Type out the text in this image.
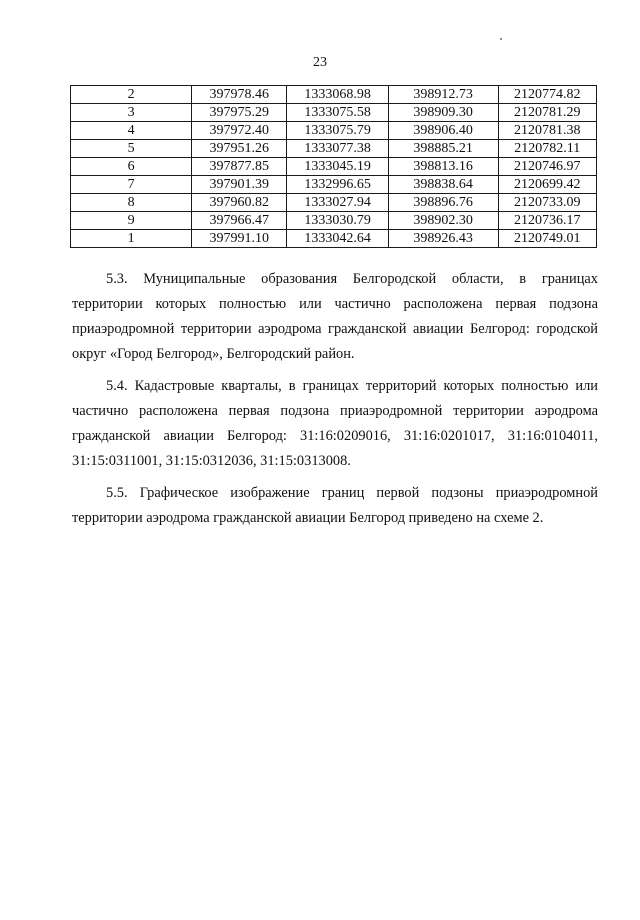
23
2	397978.46	1333068.98	398912.73	2120774.82
3	397975.29	1333075.58	398909.30	2120781.29
4	397972.40	1333075.79	398906.40	2120781.38
5	397951.26	1333077.38	398885.21	2120782.11
6	397877.85	1333045.19	398813.16	2120746.97
7	397901.39	1332996.65	398838.64	2120699.42
8	397960.82	1333027.94	398896.76	2120733.09
9	397966.47	1333030.79	398902.30	2120736.17
1	397991.10	1333042.64	398926.43	2120749.01

5.3. Муниципальные образования Белгородской области, в границах территории которых полностью или частично расположена первая подзона приаэродромной территории аэродрома гражданской авиации Белгород: городской округ «Город Белгород», Белгородский район.

5.4. Кадастровые кварталы, в границах территорий которых полностью или частично расположена первая подзона приаэродромной территории аэродрома гражданской авиации Белгород: 31:16:0209016, 31:16:0201017, 31:16:0104011, 31:15:0311001, 31:15:0312036, 31:15:0313008.

5.5. Графическое изображение границ первой подзоны приаэродромной территории аэродрома гражданской авиации Белгород приведено на схеме 2.
